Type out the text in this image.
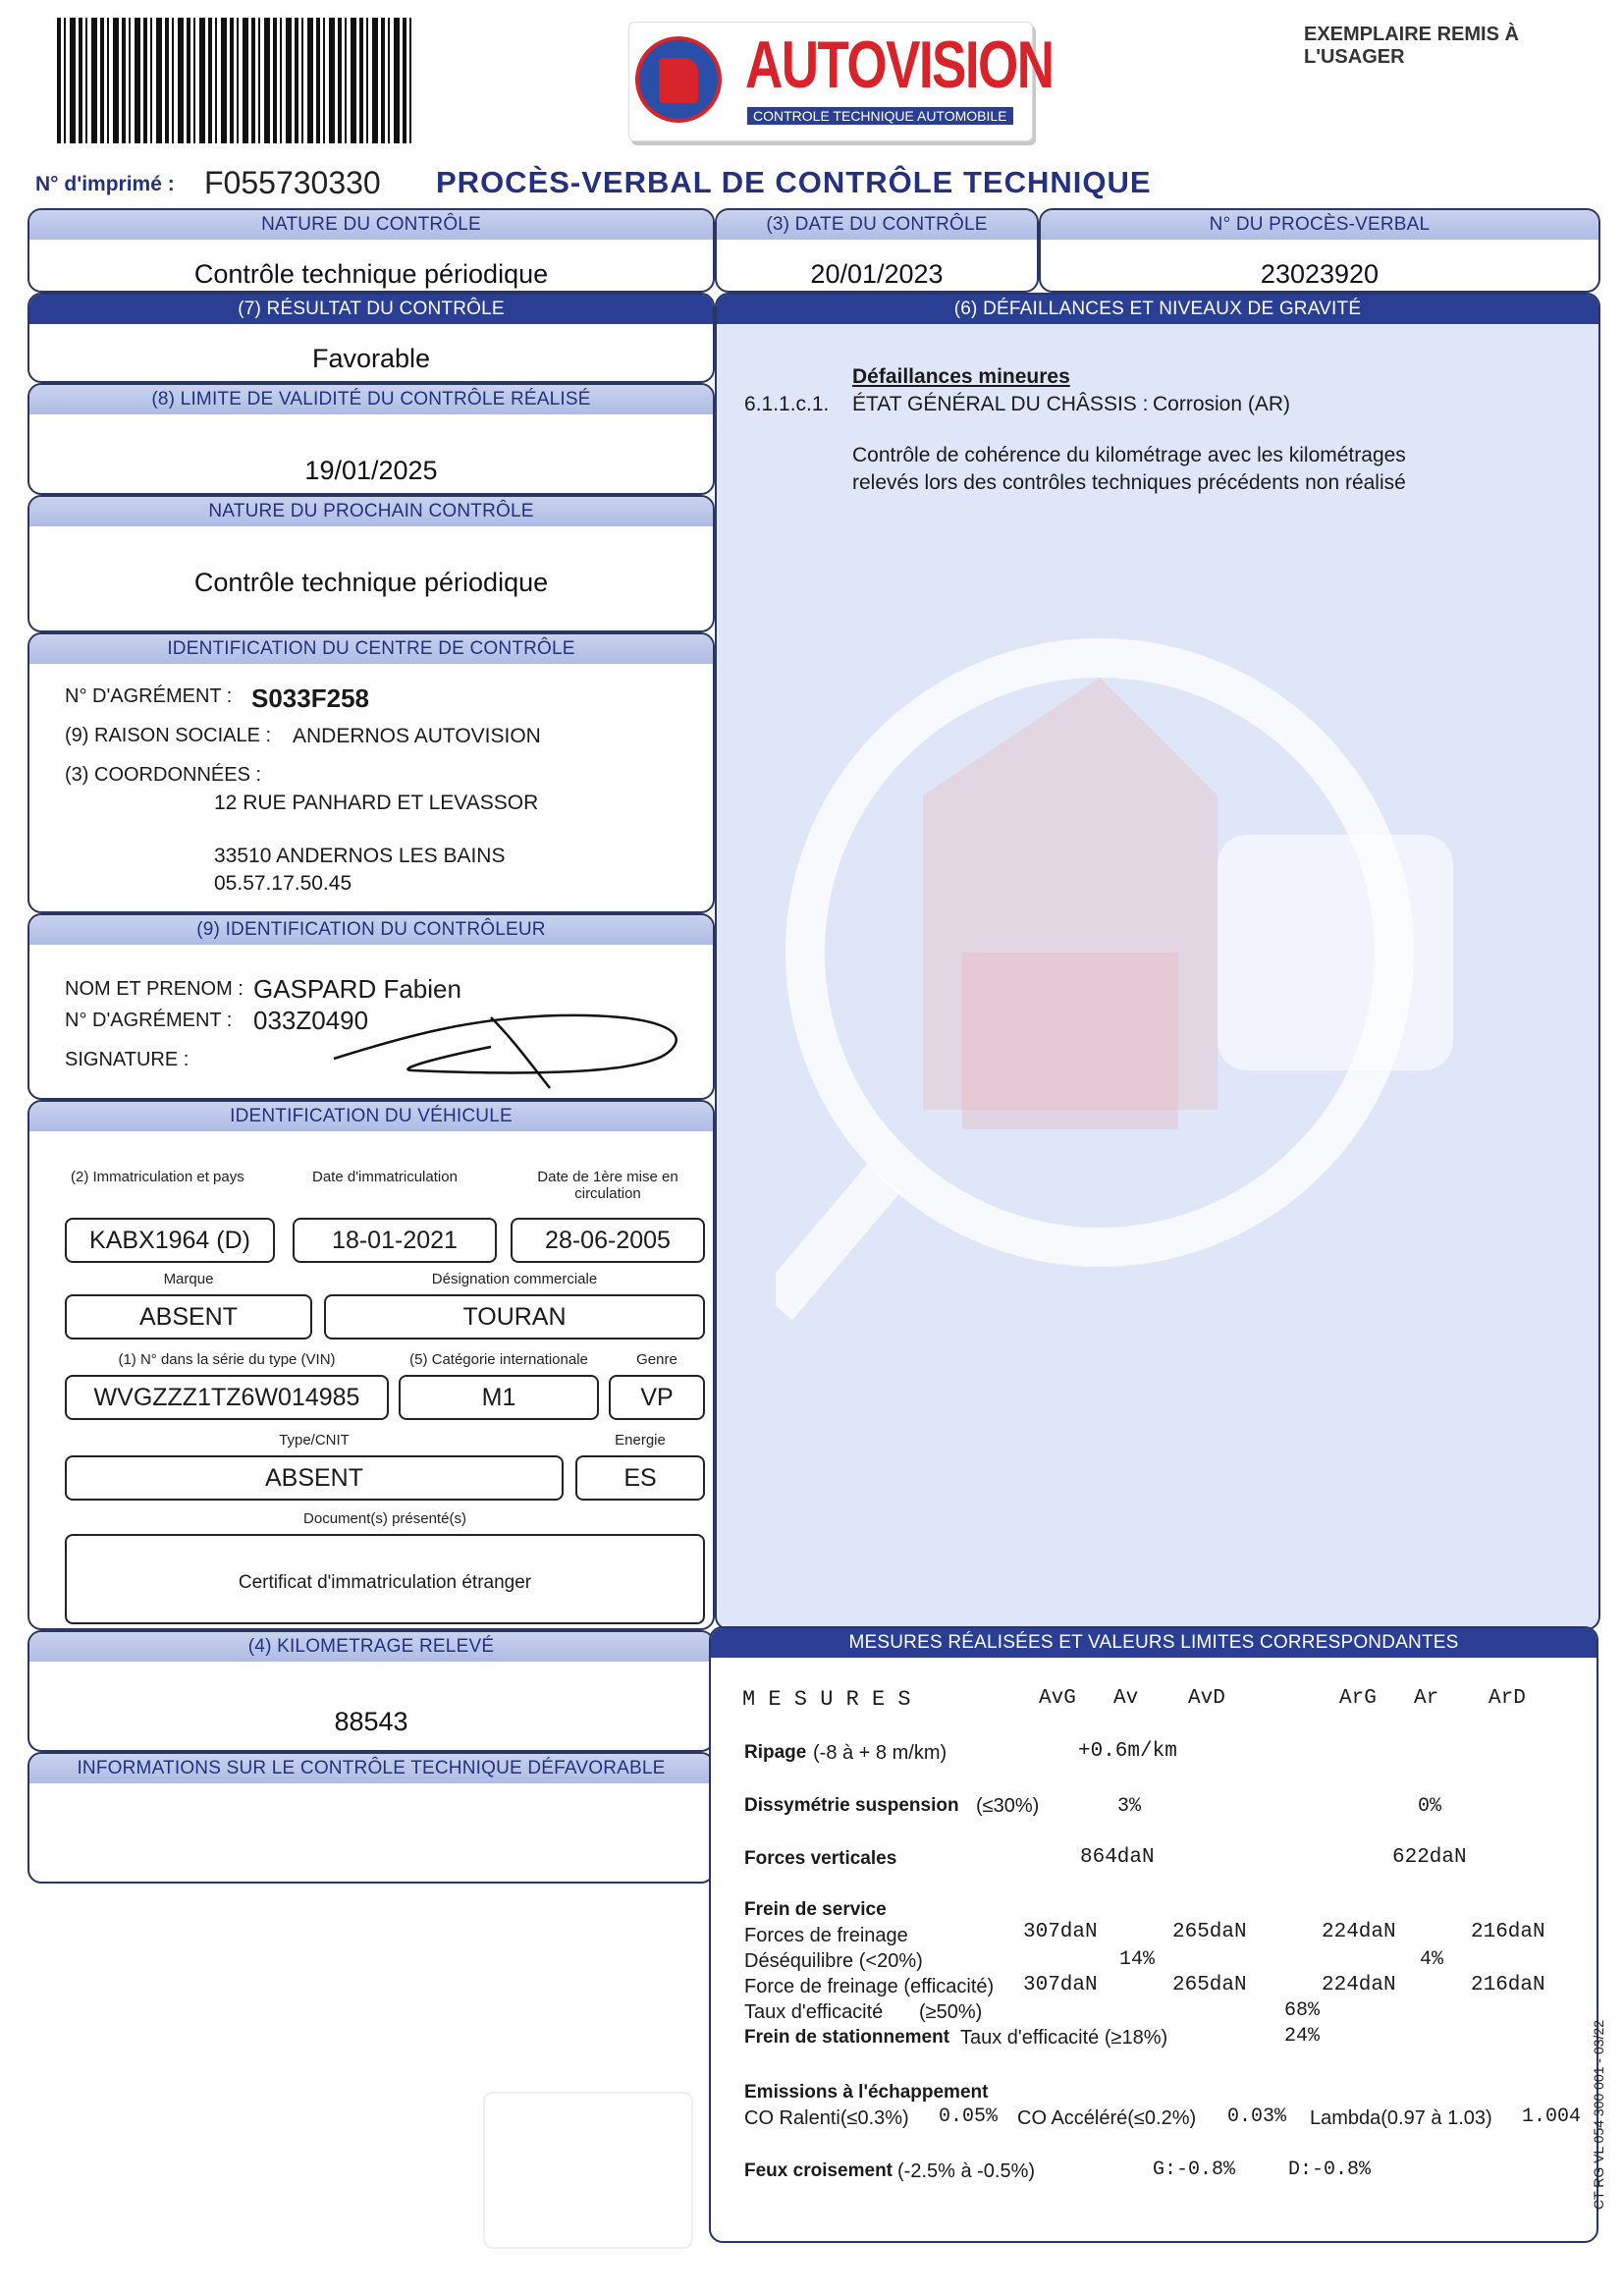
AUTOVISION
CONTROLE TECHNIQUE AUTOMOBILE
EXEMPLAIRE REMIS À L'USAGER
N° d'imprimé : F055730330 PROCÈS-VERBAL DE CONTRÔLE TECHNIQUE
NATURE DU CONTRÔLE
Contrôle technique périodique
(7) RÉSULTAT DU CONTRÔLE
Favorable
(8) LIMITE DE VALIDITÉ DU CONTRÔLE RÉALISÉ
19/01/2025
NATURE DU PROCHAIN CONTRÔLE
Contrôle technique périodique
IDENTIFICATION DU CENTRE DE CONTRÔLE
N° D'AGRÉMENT : S033F258
(9) RAISON SOCIALE : ANDERNOS AUTOVISION
(3) COORDONNÉES :
12 RUE PANHARD ET LEVASSOR
33510 ANDERNOS LES BAINS
05.57.17.50.45
(9) IDENTIFICATION DU CONTRÔLEUR
NOM ET PRENOM : GASPARD Fabien
N° D'AGRÉMENT : 033Z0490
SIGNATURE :
IDENTIFICATION DU VÉHICULE
(2) Immatriculation et pays	Date d'immatriculation	Date de 1ère mise en circulation
KABX1964 (D)	18-01-2021	28-06-2005
Marque	Désignation commerciale
ABSENT	TOURAN
(1) N° dans la série du type (VIN)	(5) Catégorie internationale	Genre
WVGZZZ1TZ6W014985	M1	VP
Type/CNIT	Energie
ABSENT	ES
Document(s) présenté(s)
Certificat d'immatriculation étranger
(4) KILOMETRAGE RELEVÉ
88543
INFORMATIONS SUR LE CONTRÔLE TECHNIQUE DÉFAVORABLE
(3) DATE DU CONTRÔLE
20/01/2023
N° DU PROCÈS-VERBAL
23023920
(6) DÉFAILLANCES ET NIVEAUX DE GRAVITÉ
Défaillances mineures
6.1.1.c.1. ÉTAT GÉNÉRAL DU CHÂSSIS : Corrosion (AR)
Contrôle de cohérence du kilométrage avec les kilométrages
relevés lors des contrôles techniques précédents non réalisé
MESURES RÉALISÉES ET VALEURS LIMITES CORRESPONDANTES
M E S U R E S	AvG Av AvD	ArG Ar ArD
Ripage (-8 à + 8 m/km)	+0.6m/km
Dissymétrie suspension (≤30%)	3%	0%
Forces verticales	864daN	622daN
Frein de service
Forces de freinage	307daN	265daN	224daN	216daN
Déséquilibre (<20%)	14%	4%
Force de freinage (efficacité) 307daN	265daN	224daN	216daN
Taux d'efficacité (≥50%)	68%
Frein de stationnement Taux d'efficacité (≥18%)	24%
Emissions à l'échappement
CO Ralenti(≤0.3%) 0.05% CO Accéléré(≤0.2%) 0.03% Lambda(0.97 à 1.03) 1.004
Feux croisement (-2.5% à -0.5%)	G:-0.8%	D:-0.8%	CT RG VL 054 300 001 - 03/22
